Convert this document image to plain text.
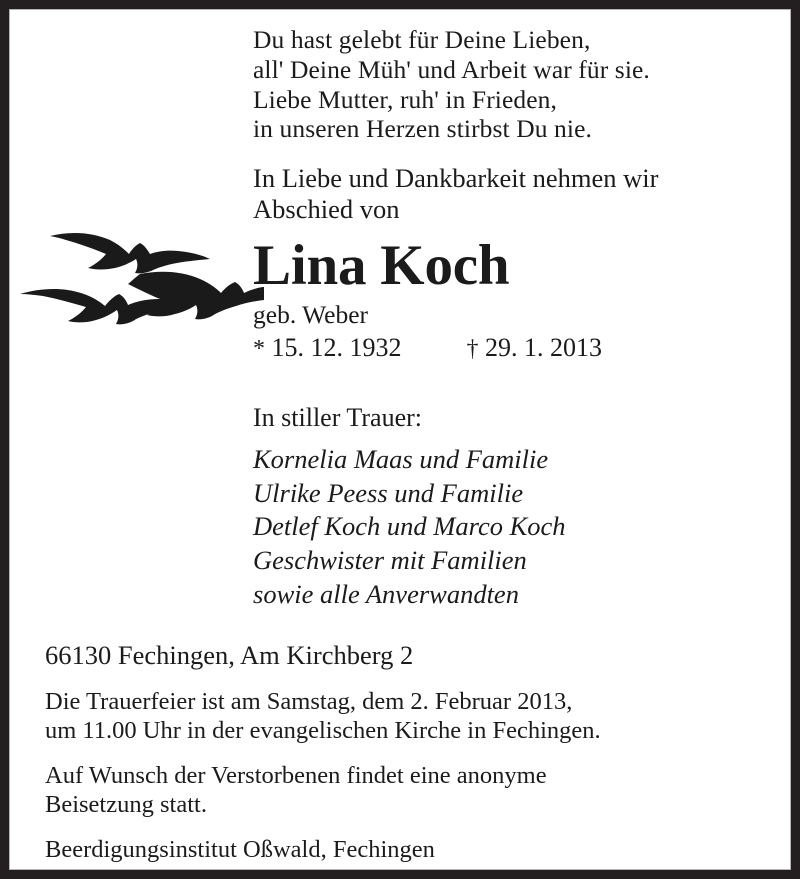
Du hast gelebt für Deine Lieben,
all' Deine Müh' und Arbeit war für sie.
Liebe Mutter, ruh' in Frieden,
in unseren Herzen stirbst Du nie.
In Liebe und Dankbarkeit nehmen wir
Abschied von
Lina Koch
geb. Weber
* 15. 12. 1932	† 29. 1. 2013
In stiller Trauer:
Kornelia Maas und Familie
Ulrike Peess und Familie
Detlef Koch und Marco Koch
Geschwister mit Familien
sowie alle Anverwandten
66130 Fechingen, Am Kirchberg 2
Die Trauerfeier ist am Samstag, dem 2. Februar 2013,
um 11.00 Uhr in der evangelischen Kirche in Fechingen.
Auf Wunsch der Verstorbenen findet eine anonyme
Beisetzung statt.
Beerdigungsinstitut Oßwald, Fechingen
